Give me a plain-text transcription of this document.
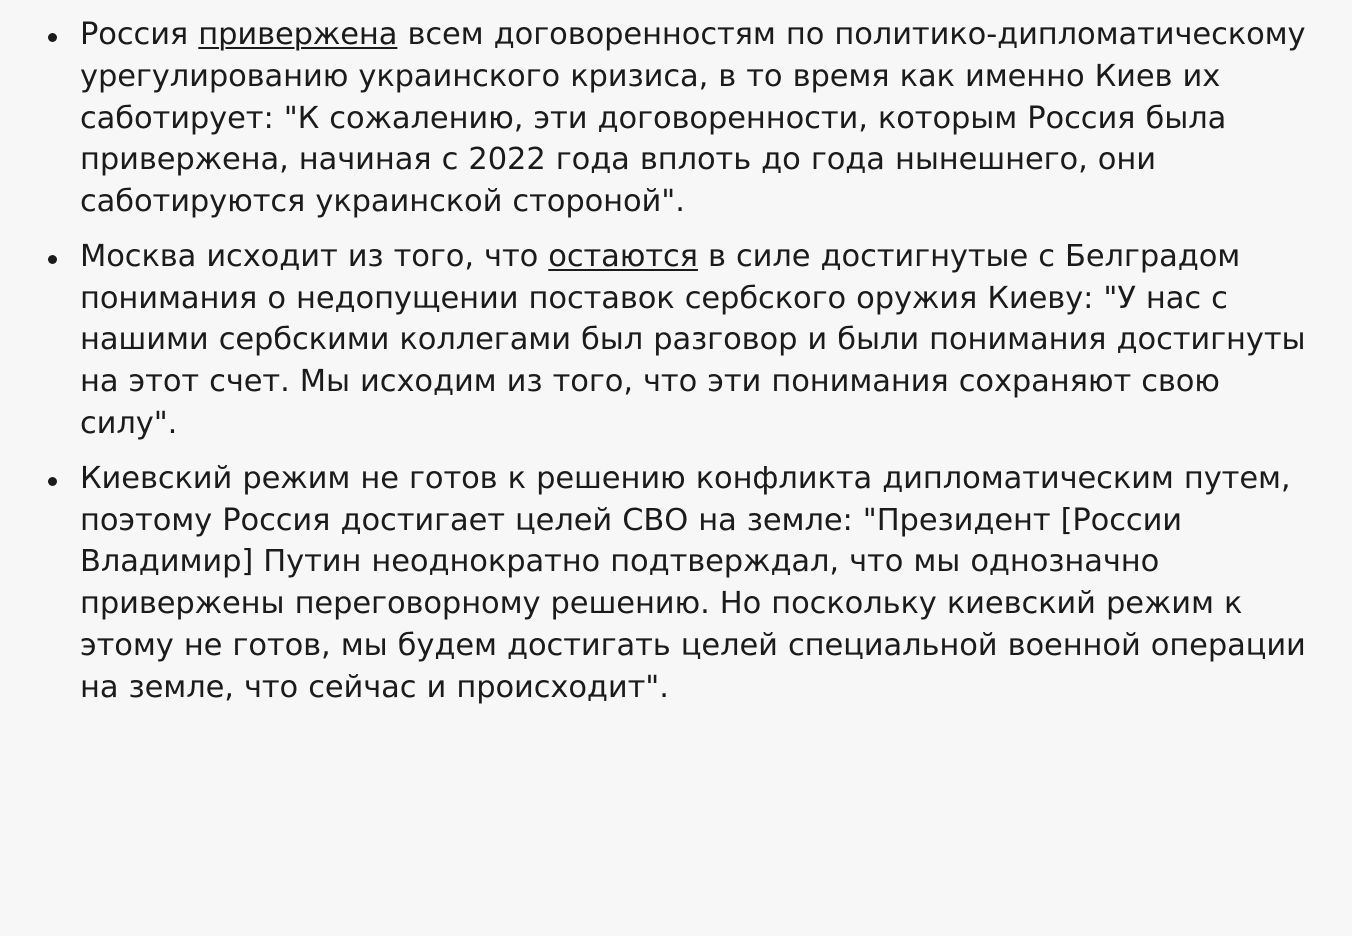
Россия приверженa всем договоренностям по политико-дипломатическому урегулированию украинского кризиса, в то время как именно Киев их саботирует: "К сожалению, эти договоренности, которым Россия была привержена, начиная с 2022 года вплоть до года нынешнего, они саботируются украинской стороной".
Москва исходит из того, что остаются в силе достигнутые с Белградом понимания о недопущении поставок сербского оружия Киеву: "У нас с нашими сербскими коллегами был разговор и были понимания достигнуты на этот счет. Мы исходим из того, что эти понимания сохраняют свою силу".
Киевский режим не готов к решению конфликта дипломатическим путем, поэтому Россия достигает целей СВО на земле: "Президент [России Владимир] Путин неоднократно подтверждал, что мы однозначно привержены переговорному решению. Но поскольку киевский режим к этому не готов, мы будем достигать целей специальной военной операции на земле, что сейчас и происходит".
